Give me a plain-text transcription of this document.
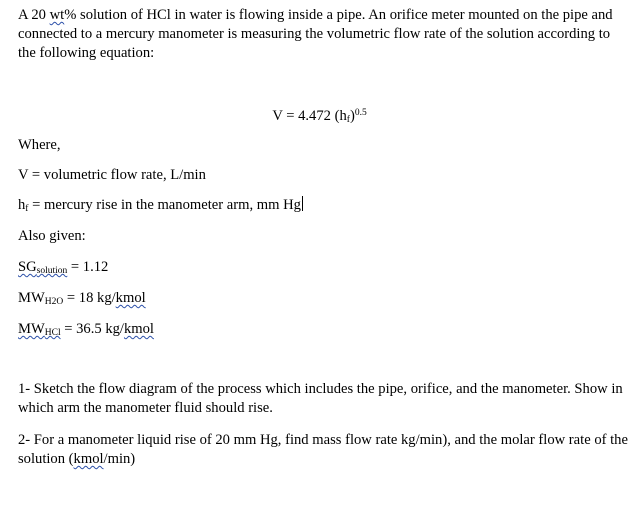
A 20 wt% solution of HCl in water is flowing inside a pipe. An orifice meter mounted on the pipe and connected to a mercury manometer is measuring the volumetric flow rate of the solution according to the following equation:

V = 4.472 $(h_f)^{0.5}$

Where,

V = volumetric flow rate, L/min

$h_f$ = mercury rise in the manometer arm, mm Hg

Also given:

$SG_{solution} = 1.12$

$MW_{H2O} = 18$ kg/kmol

$MW_{HCl} = 36.5$ kg/kmol

1- Sketch the flow diagram of the process which includes the pipe, orifice, and the manometer. Show in which arm the manometer fluid should rise.

2- For a manometer liquid rise of 20 mm Hg, find mass flow rate kg/min), and the molar flow rate of the solution (kmol/min)
